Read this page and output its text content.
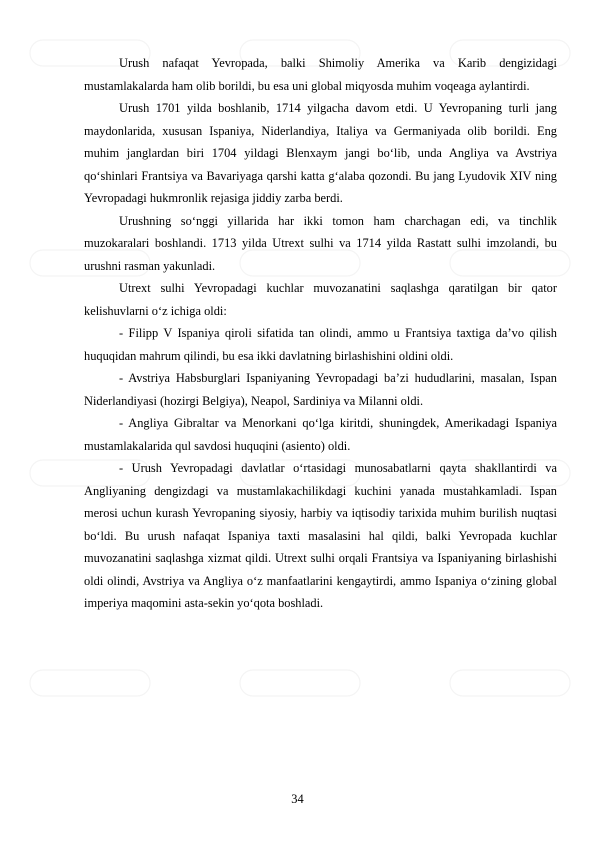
Urush nafaqat Yevropada, balki Shimoliy Amerika va Karib dengizidagi mustamlakalarda ham olib borildi, bu esa uni global miqyosda muhim voqeaga aylantirdi.

Urush 1701 yilda boshlanib, 1714 yilgacha davom etdi. U Yevropaning turli jang maydonlarida, xususan Ispaniya, Niderlandiya, Italiya va Germaniyada olib borildi. Eng muhim janglardan biri 1704 yildagi Blenxaym jangi bo‘lib, unda Angliya va Avstriya qo‘shinlari Frantsiya va Bavariyaga qarshi katta g‘alaba qozondi. Bu jang Lyudovik XIV ning Yevropadagi hukmronlik rejasiga jiddiy zarba berdi.

Urushning so‘nggi yillarida har ikki tomon ham charchagan edi, va tinchlik muzokaralari boshlandi. 1713 yilda Utrext sulhi va 1714 yilda Rastatt sulhi imzolandi, bu urushni rasman yakunladi.

Utrext sulhi Yevropadagi kuchlar muvozanatini saqlashga qaratilgan bir qator kelishuvlarni o‘z ichiga oldi:

- Filipp V Ispaniya qiroli sifatida tan olindi, ammo u Frantsiya taxtiga da’vo qilish huquqidan mahrum qilindi, bu esa ikki davlatning birlashishini oldini oldi.

- Avstriya Habsburglari Ispaniyaning Yevropadagi ba’zi hududlarini, masalan, Ispan Niderlandiyasi (hozirgi Belgiya), Neapol, Sardiniya va Milanni oldi.

- Angliya Gibraltar va Menorkani qo‘lga kiritdi, shuningdek, Amerikadagi Ispaniya mustamlakalarida qul savdosi huquqini (asiento) oldi.

- Urush Yevropadagi davlatlar o‘rtasidagi munosabatlarni qayta shakllantirdi va Angliyaning dengizdagi va mustamlakachilikdagi kuchini yanada mustahkamladi. Ispan merosi uchun kurash Yevropaning siyosiy, harbiy va iqtisodiy tarixida muhim burilish nuqtasi bo‘ldi. Bu urush nafaqat Ispaniya taxti masalasini hal qildi, balki Yevropada kuchlar muvozanatini saqlashga xizmat qildi. Utrext sulhi orqali Frantsiya va Ispaniyaning birlashishi oldi olindi, Avstriya va Angliya o‘z manfaatlarini kengaytirdi, ammo Ispaniya o‘zining global imperiya maqomini asta-sekin yo‘qota boshladi.

34
